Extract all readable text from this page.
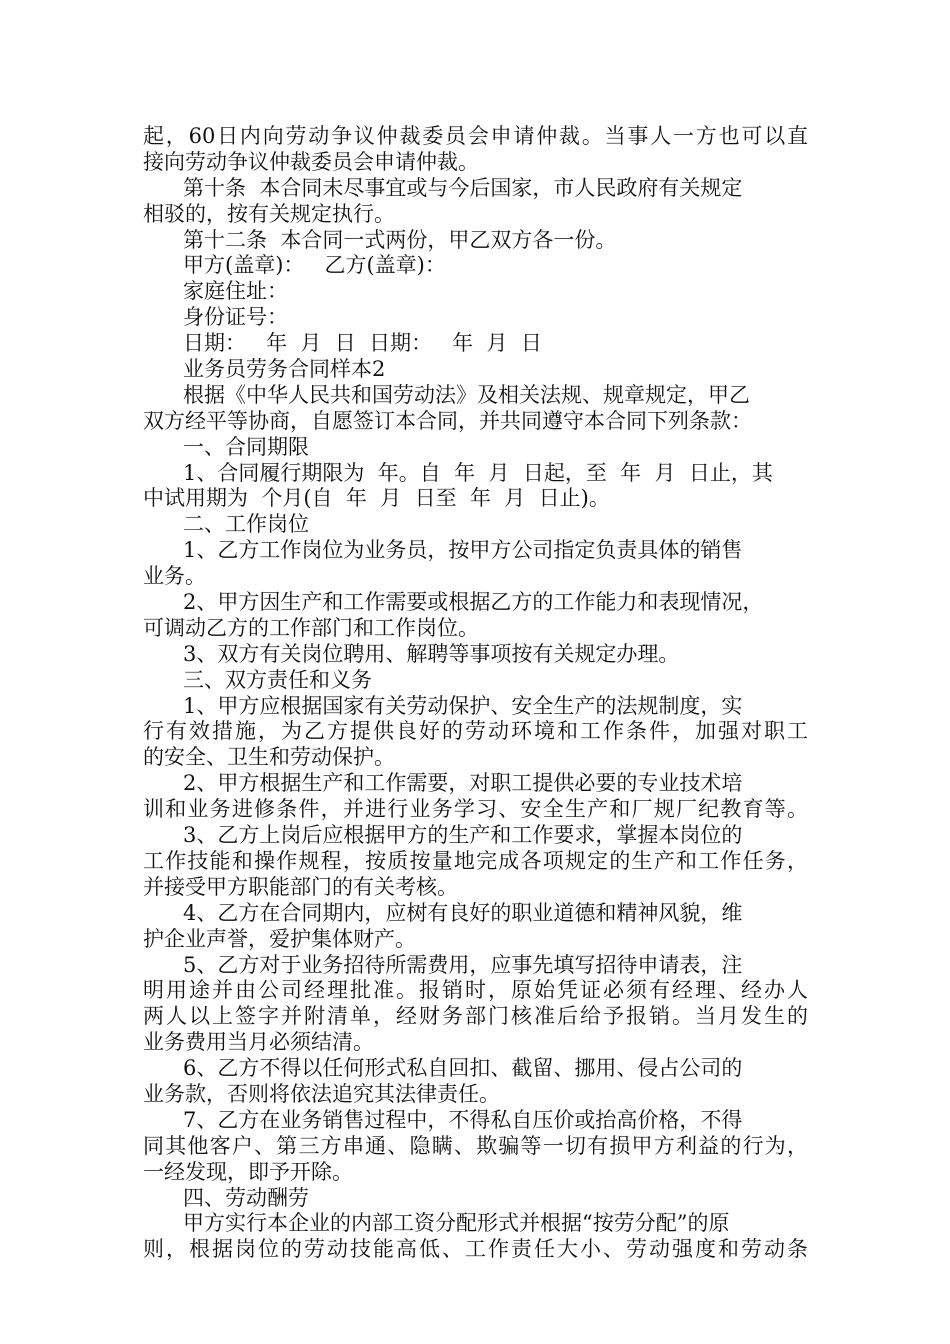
起，60日内向劳动争议仲裁委员会申请仲裁。当事人一方也可以直
接向劳动争议仲裁委员会申请仲裁。
第十条  本合同未尽事宜或与今后国家，市人民政府有关规定
相驳的，按有关规定执行。
第十二条  本合同一式两份，甲乙双方各一份。
甲方(盖章)：   乙方(盖章)：
家庭住址：
身份证号：
日期：   年  月  日  日期：   年  月  日
业务员劳务合同样本2
根据《中华人民共和国劳动法》及相关法规、规章规定，甲乙
双方经平等协商，自愿签订本合同，并共同遵守本合同下列条款：
一、合同期限
1、合同履行期限为  年。自  年  月  日起，至  年  月  日止，其
中试用期为  个月(自  年  月  日至  年  月  日止)。
二、工作岗位
1、乙方工作岗位为业务员，按甲方公司指定负责具体的销售
业务。
2、甲方因生产和工作需要或根据乙方的工作能力和表现情况，
可调动乙方的工作部门和工作岗位。
3、双方有关岗位聘用、解聘等事项按有关规定办理。
三、双方责任和义务
1、甲方应根据国家有关劳动保护、安全生产的法规制度，实
行有效措施，为乙方提供良好的劳动环境和工作条件，加强对职工
的安全、卫生和劳动保护。
2、甲方根据生产和工作需要，对职工提供必要的专业技术培
训和业务进修条件，并进行业务学习、安全生产和厂规厂纪教育等。
3、乙方上岗后应根据甲方的生产和工作要求，掌握本岗位的
工作技能和操作规程，按质按量地完成各项规定的生产和工作任务，
并接受甲方职能部门的有关考核。
4、乙方在合同期内，应树有良好的职业道德和精神风貌，维
护企业声誉，爱护集体财产。
5、乙方对于业务招待所需费用，应事先填写招待申请表，注
明用途并由公司经理批准。报销时，原始凭证必须有经理、经办人
两人以上签字并附清单，经财务部门核准后给予报销。当月发生的
业务费用当月必须结清。
6、乙方不得以任何形式私自回扣、截留、挪用、侵占公司的
业务款，否则将依法追究其法律责任。
7、乙方在业务销售过程中，不得私自压价或抬高价格，不得
同其他客户、第三方串通、隐瞒、欺骗等一切有损甲方利益的行为，
一经发现，即予开除。
四、劳动酬劳
甲方实行本企业的内部工资分配形式并根据“按劳分配”的原
则，根据岗位的劳动技能高低、工作责任大小、劳动强度和劳动条
